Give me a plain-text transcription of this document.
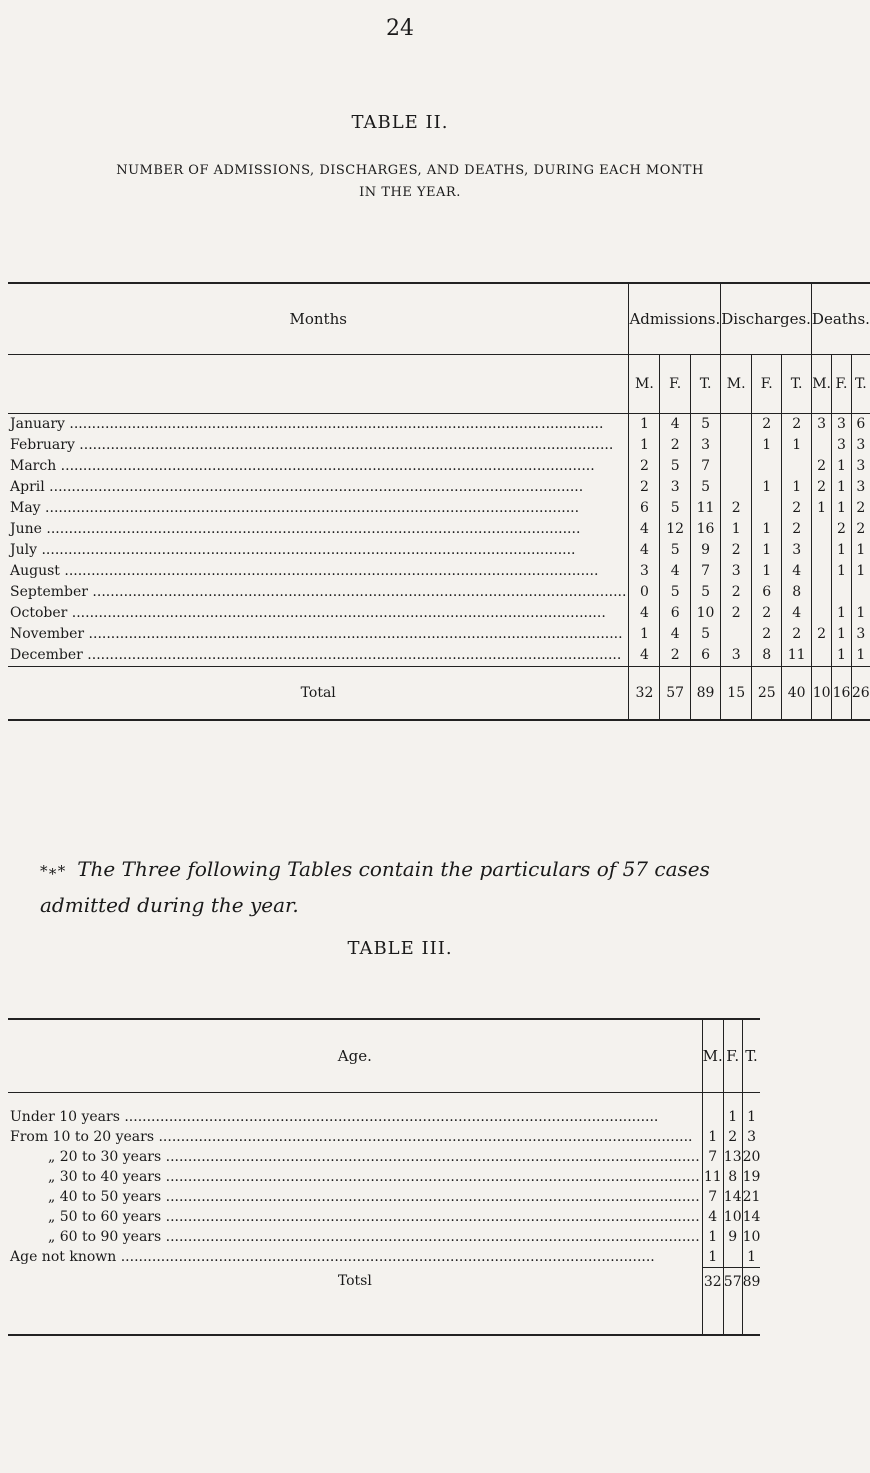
24
TABLE II.
NUMBER OF ADMISSIONS, DISCHARGES, AND DEATHS, DURING EACH MONTH
IN THE YEAR.
Months	Admissions.			Discharges.			Deaths.		
	M.	F.	T.	M.	F.	T.	M.	F.	T.
January .....	1	4	5		2	2	3	3	6
February .....	1	2	3		1	1		3	3
March .....	2	5	7				2	1	3
April .....	2	3	5		1	1	2	1	3
May .....	6	5	11	2		2	1	1	2
June .....	4	12	16	1	1	2		2	2
July .....	4	5	9	2	1	3		1	1
August .....	3	4	7	3	1	4		1	1
September .....	0	5	5	2	6	8			
October .....	4	6	10	2	2	4		1	1
November .....	1	4	5		2	2	2	1	3
December .....	4	2	6	3	8	11		1	1
Total	32	57	89	15	25	40	10	16	26
*∗* The Three following Tables contain the particulars of 57 cases admitted during the year.
TABLE III.
Age.	M.	F.	T.

Under 10 years .....		1	1
From 10 to 20 years .....	1	2	3
„ 20 to 30 years .....	7	13	20
„ 30 to 40 years .....	11	8	19
„ 40 to 50 years .....	7	14	21
„ 50 to 60 years .....	4	10	14
„ 60 to 90 years .....	1	9	10
Age not known .....	1		1
Totsl	32	57	89
